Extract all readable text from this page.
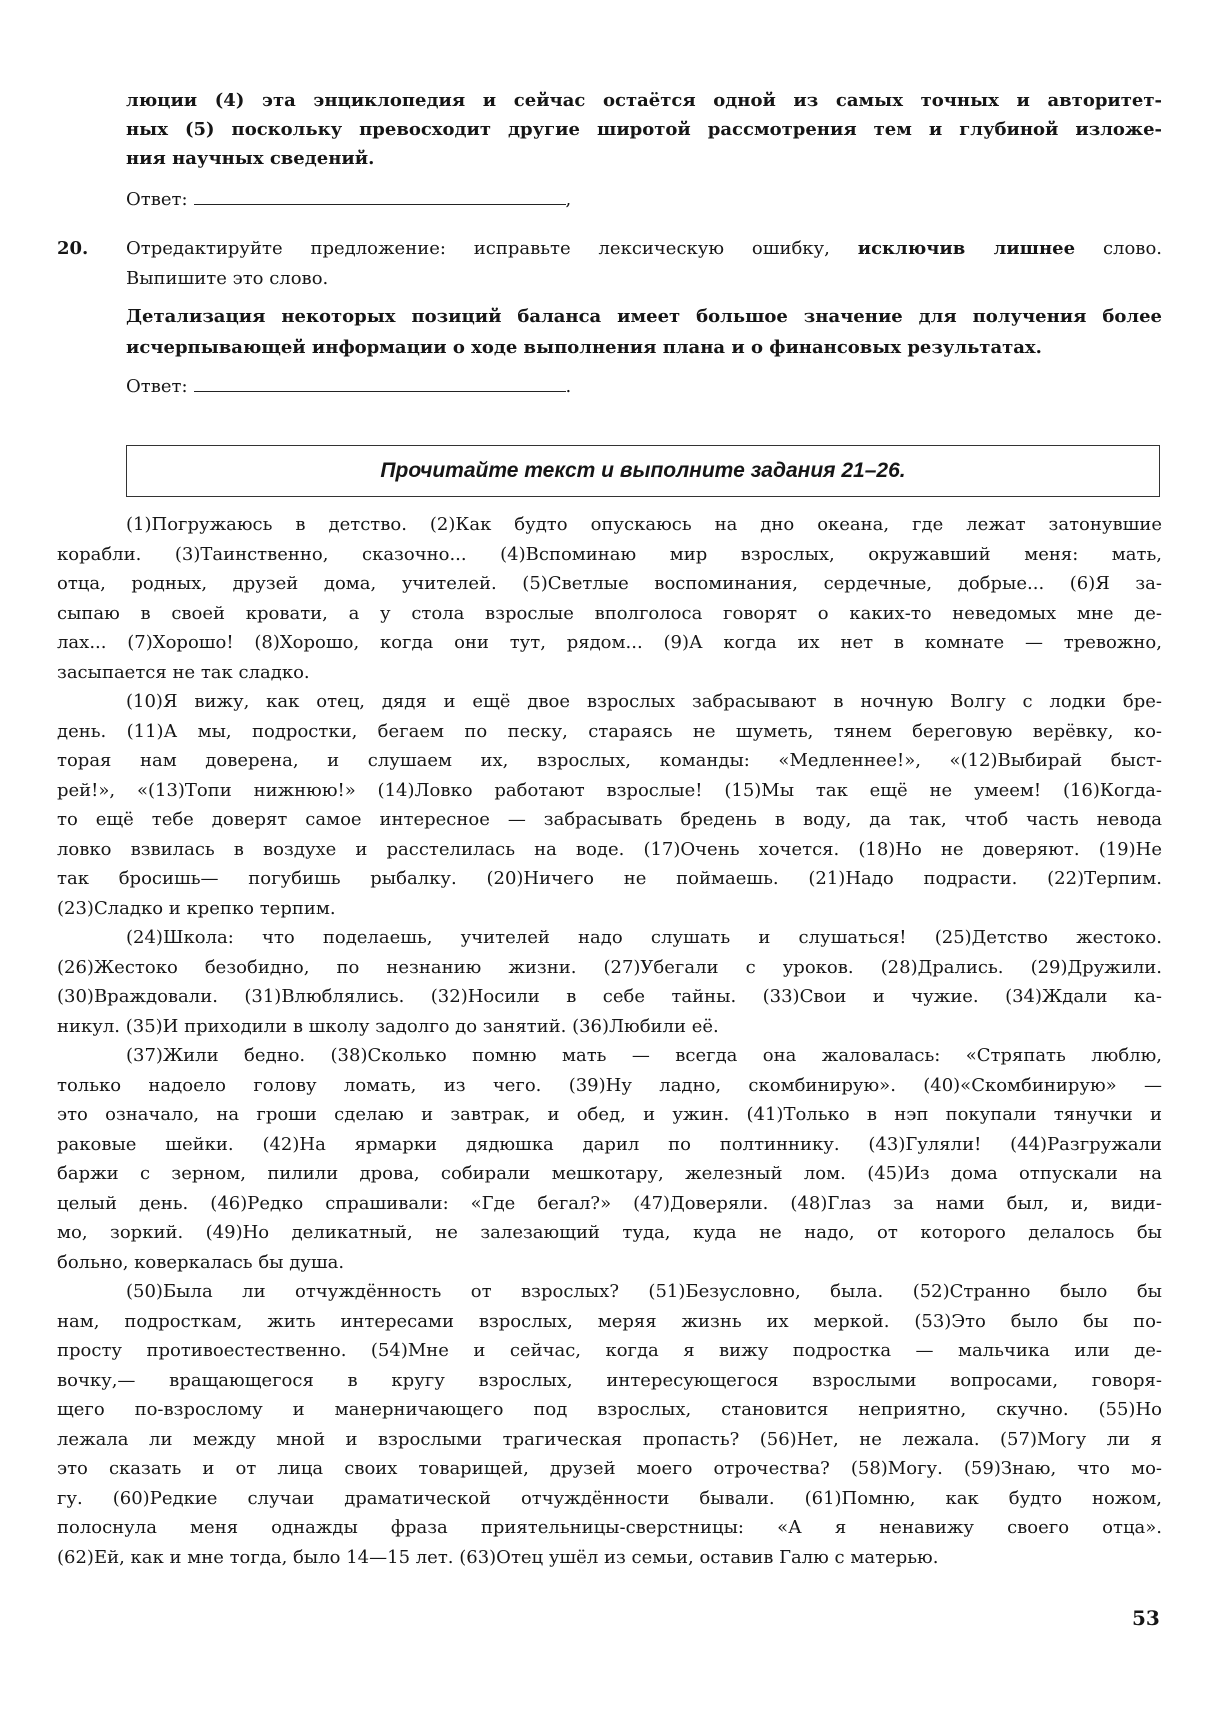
люции (4) эта энциклопедия и сейчас остаётся одной из самых точных и авторитет-
ных (5) поскольку превосходит другие широтой рассмотрения тем и глубиной изложе-
ния научных сведений.
Ответ:	,
20. Отредактируйте предложение: исправьте лексическую ошибку, исключив лишнее слово.
Выпишите это слово.
Детализация некоторых позиций баланса имеет большое значение для получения более
исчерпывающей информации о ходе выполнения плана и о финансовых результатах.
Ответ:	.
Прочитайте текст и выполните задания 21–26.
(1)Погружаюсь в детство. (2)Как будто опускаюсь на дно океана, где лежат затонувшие
корабли. (3)Таинственно, сказочно... (4)Вспоминаю мир взрослых, окружавший меня: мать,
отца, родных, друзей дома, учителей. (5)Светлые воспоминания, сердечные, добрые... (6)Я за-
сыпаю в своей кровати, а у стола взрослые вполголоса говорят о каких-то неведомых мне де-
лах... (7)Хорошо! (8)Хорошо, когда они тут, рядом... (9)А когда их нет в комнате — тревожно,
засыпается не так сладко.
(10)Я вижу, как отец, дядя и ещё двое взрослых забрасывают в ночную Волгу с лодки бре-
день. (11)А мы, подростки, бегаем по песку, стараясь не шуметь, тянем береговую верёвку, ко-
торая нам доверена, и слушаем их, взрослых, команды: «Медленнее!», «(12)Выбирай быст-
рей!», «(13)Топи нижнюю!» (14)Ловко работают взрослые! (15)Мы так ещё не умеем! (16)Когда-
то ещё тебе доверят самое интересное — забрасывать бредень в воду, да так, чтоб часть невода
ловко взвилась в воздухе и расстелилась на воде. (17)Очень хочется. (18)Но не доверяют. (19)Не
так бросишь— погубишь рыбалку. (20)Ничего не поймаешь. (21)Надо подрасти. (22)Терпим.
(23)Сладко и крепко терпим.
(24)Школа: что поделаешь, учителей надо слушать и слушаться! (25)Детство жестоко.
(26)Жестоко безобидно, по незнанию жизни. (27)Убегали с уроков. (28)Дрались. (29)Дружили.
(30)Враждовали. (31)Влюблялись. (32)Носили в себе тайны. (33)Свои и чужие. (34)Ждали ка-
никул. (35)И приходили в школу задолго до занятий. (36)Любили её.
(37)Жили бедно. (38)Сколько помню мать — всегда она жаловалась: «Стряпать люблю,
только надоело голову ломать, из чего. (39)Ну ладно, скомбинирую». (40)«Скомбинирую» —
это означало, на гроши сделаю и завтрак, и обед, и ужин. (41)Только в нэп покупали тянучки и
раковые шейки. (42)На ярмарки дядюшка дарил по полтиннику. (43)Гуляли! (44)Разгружали
баржи с зерном, пилили дрова, собирали мешкотару, железный лом. (45)Из дома отпускали на
целый день. (46)Редко спрашивали: «Где бегал?» (47)Доверяли. (48)Глаз за нами был, и, види-
мо, зоркий. (49)Но деликатный, не залезающий туда, куда не надо, от которого делалось бы
больно, коверкалась бы душа.
(50)Была ли отчуждённость от взрослых? (51)Безусловно, была. (52)Странно было бы
нам, подросткам, жить интересами взрослых, меряя жизнь их меркой. (53)Это было бы по-
просту противоестественно. (54)Мне и сейчас, когда я вижу подростка — мальчика или де-
вочку,— вращающегося в кругу взрослых, интересующегося взрослыми вопросами, говоря-
щего по-взрослому и манерничающего под взрослых, становится неприятно, скучно. (55)Но
лежала ли между мной и взрослыми трагическая пропасть? (56)Нет, не лежала. (57)Могу ли я
это сказать и от лица своих товарищей, друзей моего отрочества? (58)Могу. (59)Знаю, что мо-
гу. (60)Редкие случаи драматической отчуждённости бывали. (61)Помню, как будто ножом,
полоснула меня однажды фраза приятельницы-сверстницы: «А я ненавижу своего отца».
(62)Ей, как и мне тогда, было 14—15 лет. (63)Отец ушёл из семьи, оставив Галю с матерью.
53
